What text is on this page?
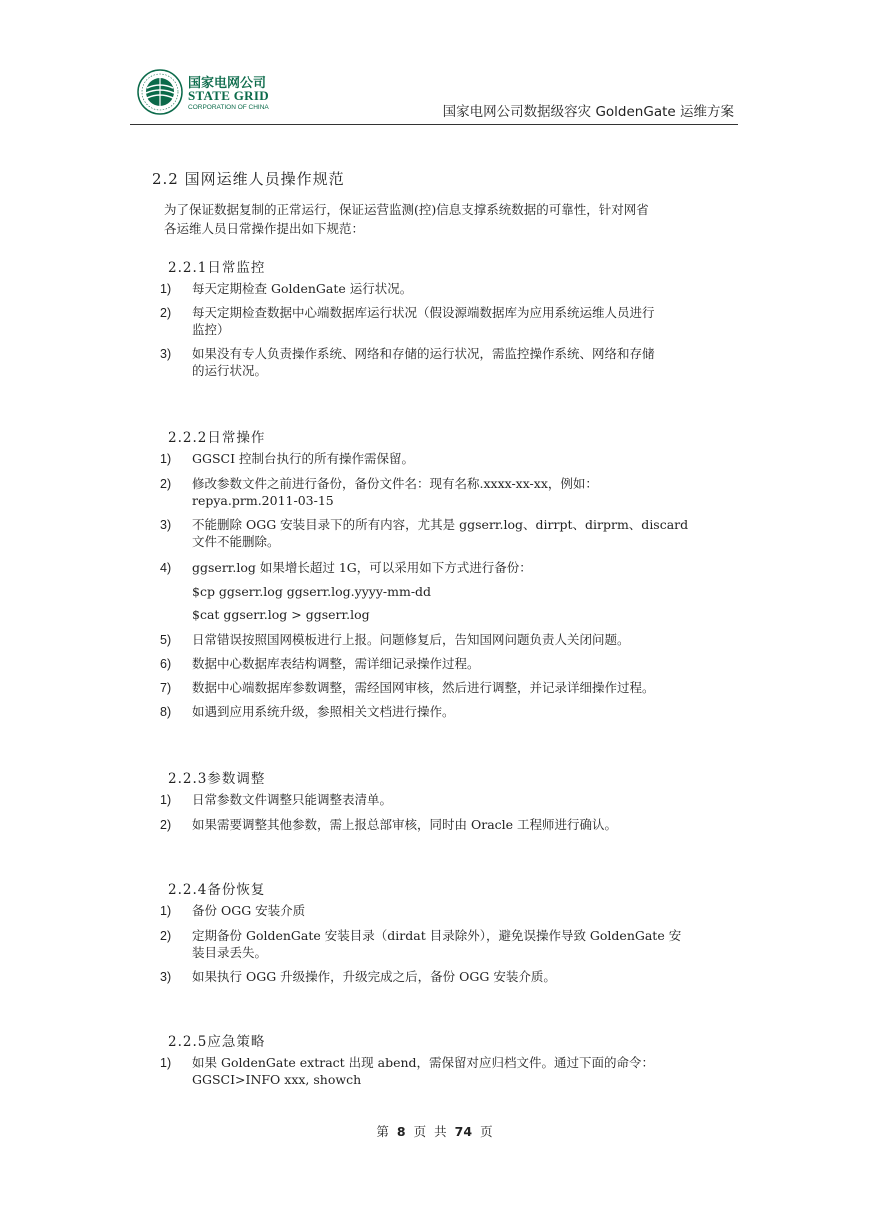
国家电网公司
STATE GRID
CORPORATION OF CHINA	国家电网公司数据级容灾 GoldenGate 运维方案
2.2 国网运维人员操作规范
为了保证数据复制的正常运行，保证运营监测(控)信息支撑系统数据的可靠性，针对网省
各运维人员日常操作提出如下规范：
2.2.1日常监控
1) 每天定期检查 GoldenGate 运行状况。
2) 每天定期检查数据中心端数据库运行状况（假设源端数据库为应用系统运维人员进行
监控）
3) 如果没有专人负责操作系统、网络和存储的运行状况，需监控操作系统、网络和存储
的运行状况。
2.2.2日常操作
1) GGSCI 控制台执行的所有操作需保留。
2) 修改参数文件之前进行备份，备份文件名：现有名称.xxxx-xx-xx，例如：
repya.prm.2011-03-15
3) 不能删除 OGG 安装目录下的所有内容，尤其是 ggserr.log、dirrpt、dirprm、discard
文件不能删除。
4) ggserr.log 如果增长超过 1G，可以采用如下方式进行备份：
$cp ggserr.log ggserr.log.yyyy-mm-dd
$cat ggserr.log > ggserr.log
5) 日常错误按照国网模板进行上报。问题修复后，告知国网问题负责人关闭问题。
6) 数据中心数据库表结构调整，需详细记录操作过程。
7) 数据中心端数据库参数调整，需经国网审核，然后进行调整，并记录详细操作过程。
8) 如遇到应用系统升级，参照相关文档进行操作。
2.2.3参数调整
1) 日常参数文件调整只能调整表清单。
2) 如果需要调整其他参数，需上报总部审核，同时由 Oracle 工程师进行确认。
2.2.4备份恢复
1) 备份 OGG 安装介质
2) 定期备份 GoldenGate 安装目录（dirdat 目录除外），避免误操作导致 GoldenGate 安
装目录丢失。
3) 如果执行 OGG 升级操作，升级完成之后，备份 OGG 安装介质。
2.2.5应急策略
1) 如果 GoldenGate extract 出现 abend，需保留对应归档文件。通过下面的命令：
GGSCI>INFO xxx, showch
第 8 页 共 74 页
